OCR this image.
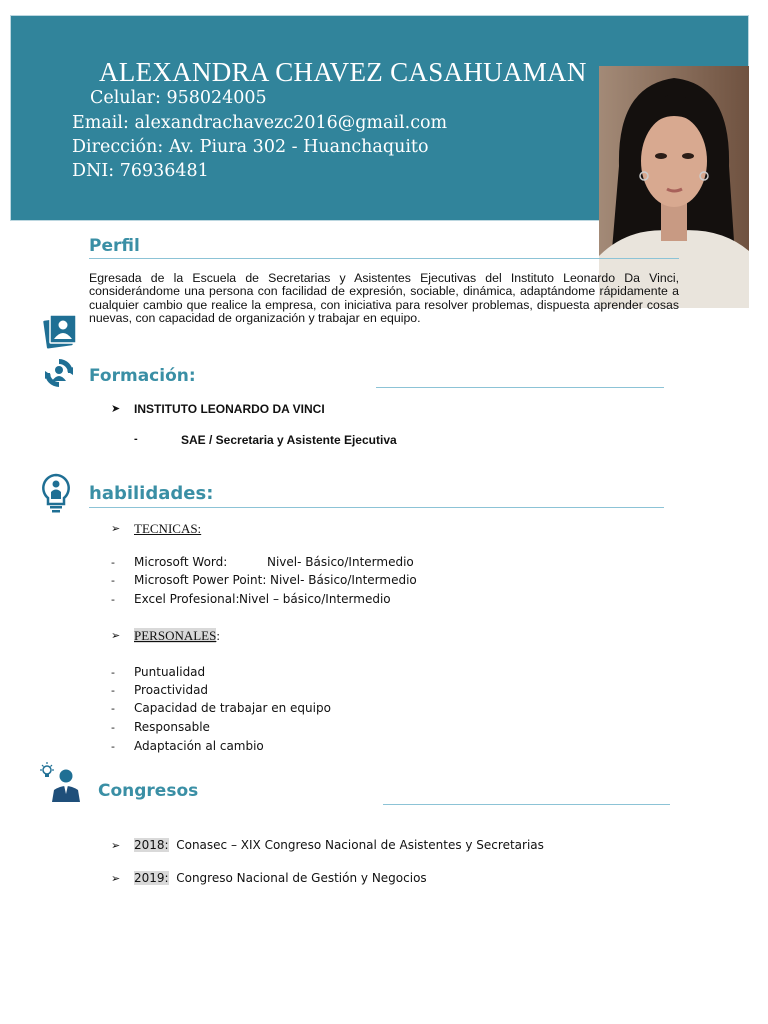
ALEXANDRA CHAVEZ CASAHUAMAN

Celular: 958024005

Email: alexandrachavezc2016@gmail.com

Dirección: Av. Piura 302 - Huanchaquito

DNI: 76936481

Perfil

Egresada de la Escuela de Secretarias y Asistentes Ejecutivas del Instituto Leonardo Da Vinci, considerándome una persona con facilidad de expresión, sociable, dinámica, adaptándome rápidamente a cualquier cambio que realice la empresa, con iniciativa para resolver problemas, dispuesta aprender cosas nuevas, con capacidad de organización y trabajar en equipo.

Formación:
➤ INSTITUTO LEONARDO DA VINCI

-	SAE / Secretaria y Asistente Ejecutiva

habilidades:
➢ TECNICAS:

- Microsoft Word:	Nivel- Básico/Intermedio

- Microsoft Power Point: Nivel- Básico/Intermedio

- Excel Profesional: Nivel – básico/Intermedio

➢ PERSONALES:

- Puntualidad

- Proactividad

- Capacidad de trabajar en equipo

- Responsable

- Adaptación al cambio

Congresos
➢ 2018: Conasec – XIX Congreso Nacional de Asistentes y Secretarias

➢ 2019: Congreso Nacional de Gestión y Negocios
